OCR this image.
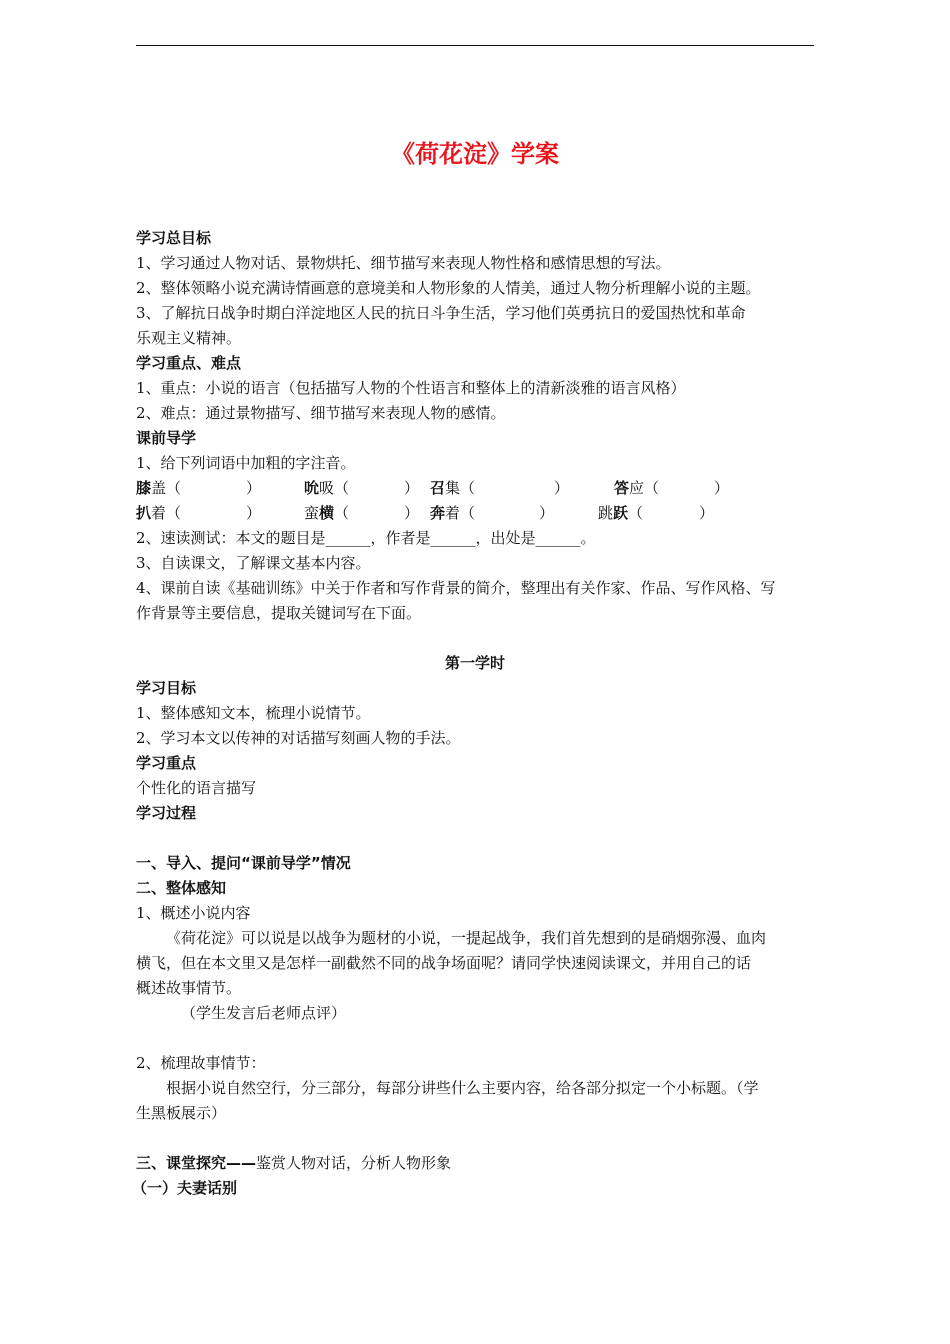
《荷花淀》学案
学习总目标
1、学习通过人物对话、景物烘托、细节描写来表现人物性格和感情思想的写法。
2、整体领略小说充满诗情画意的意境美和人物形象的人情美，通过人物分析理解小说的主题。
3、了解抗日战争时期白洋淀地区人民的抗日斗争生活，学习他们英勇抗日的爱国热忱和革命
乐观主义精神。
学习重点、难点
1、重点：小说的语言（包括描写人物的个性语言和整体上的清新淡雅的语言风格）
2、难点：通过景物描写、细节描写来表现人物的感情。
课前导学
1、给下列词语中加粗的字注音。
膝盖（	）	吮吸（	） 召集（	）	答应（	）
扒着（	）	蛮横（	） 奔着（	）	跳跃（	）
2、速读测试：本文的题目是______，作者是______，出处是______。
3、自读课文，了解课文基本内容。
4、课前自读《基础训练》中关于作者和写作背景的简介，整理出有关作家、作品、写作风格、写
作背景等主要信息，提取关键词写在下面。
第一学时
学习目标
1、整体感知文本，梳理小说情节。
2、学习本文以传神的对话描写刻画人物的手法。
学习重点
个性化的语言描写
学习过程
一、导入、提问“课前导学”情况
二、整体感知
1、概述小说内容
《荷花淀》可以说是以战争为题材的小说，一提起战争，我们首先想到的是硝烟弥漫、血肉
横飞，但在本文里又是怎样一副截然不同的战争场面呢？请同学快速阅读课文，并用自己的话
概述故事情节。
（学生发言后老师点评）
2、梳理故事情节：
根据小说自然空行，分三部分，每部分讲些什么主要内容，给各部分拟定一个小标题。（学
生黑板展示）
三、课堂探究——鉴赏人物对话，分析人物形象
（一）夫妻话别
